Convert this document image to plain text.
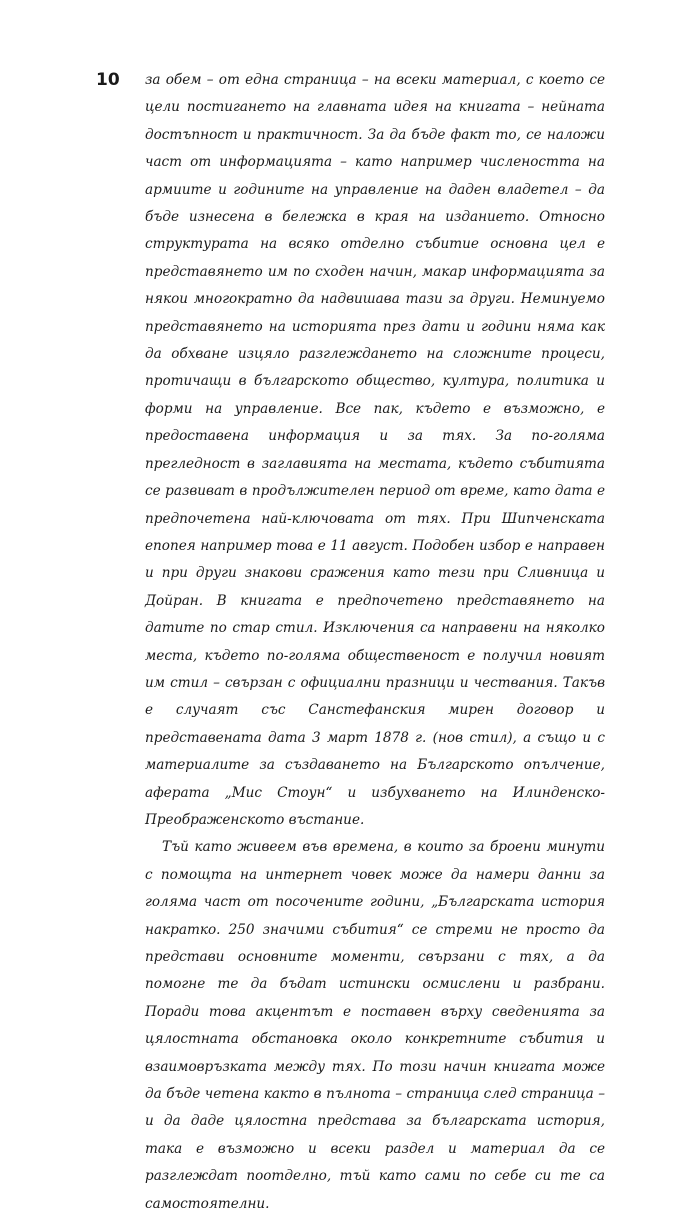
10 за обем – от една страница – на всеки материал, с което се цели постигането на главната идея на книгата – нейната достъпност и практичност. За да бъде факт то, се наложи част от информацията – като например числеността на армиите и годините на управление на даден владетел – да бъде изнесена в бележка в края на изданието. Относно структурата на всяко отделно събитие основна цел е представянето им по сходен начин, макар информацията за някои многократно да надвишава тази за други. Неминуемо представянето на историята през дати и години няма как да обхване изцяло разглеждането на сложните процеси, протичащи в българското общество, култура, политика и форми на управление. Все пак, където е възможно, е предоставена информация и за тях. За по-голяма прегледност в заглавията на местата, където събитията се развиват в продължителен период от време, като дата е предпочетена най-ключовата от тях. При Шипченската епопея например това е 11 август. Подобен избор е направен и при други знакови сражения като тези при Сливница и Дойран. В книгата е предпочетено представянето на датите по стар стил. Изключения са направени на няколко места, където по-голяма общественост е получил новият им стил – свързан с официални празници и чествания. Такъв е случаят със Санстефанския мирен договор и представената дата 3 март 1878 г. (нов стил), а също и с материалите за създаването на Българското опълчение, аферата „Мис Стоун“ и избухването на Илинденско-Преображенското въстание.

Тъй като живеем във времена, в които за броени минути с помощта на интернет човек може да намери данни за голяма част от посочените години, „Българската история накратко. 250 значими събития“ се стреми не просто да представи основните моменти, свързани с тях, а да помогне те да бъдат истински осмислени и разбрани. Поради това акцентът е поставен върху сведенията за цялостната обстановка около конкретните събития и взаимовръзката между тях. По този начин книгата може да бъде четена както в пълнота – страница след страница – и да даде цялостна представа за българската история, така е възможно и всеки раздел и материал да се разглеждат поотделно, тъй като сами по себе си те са самостоятелни.
